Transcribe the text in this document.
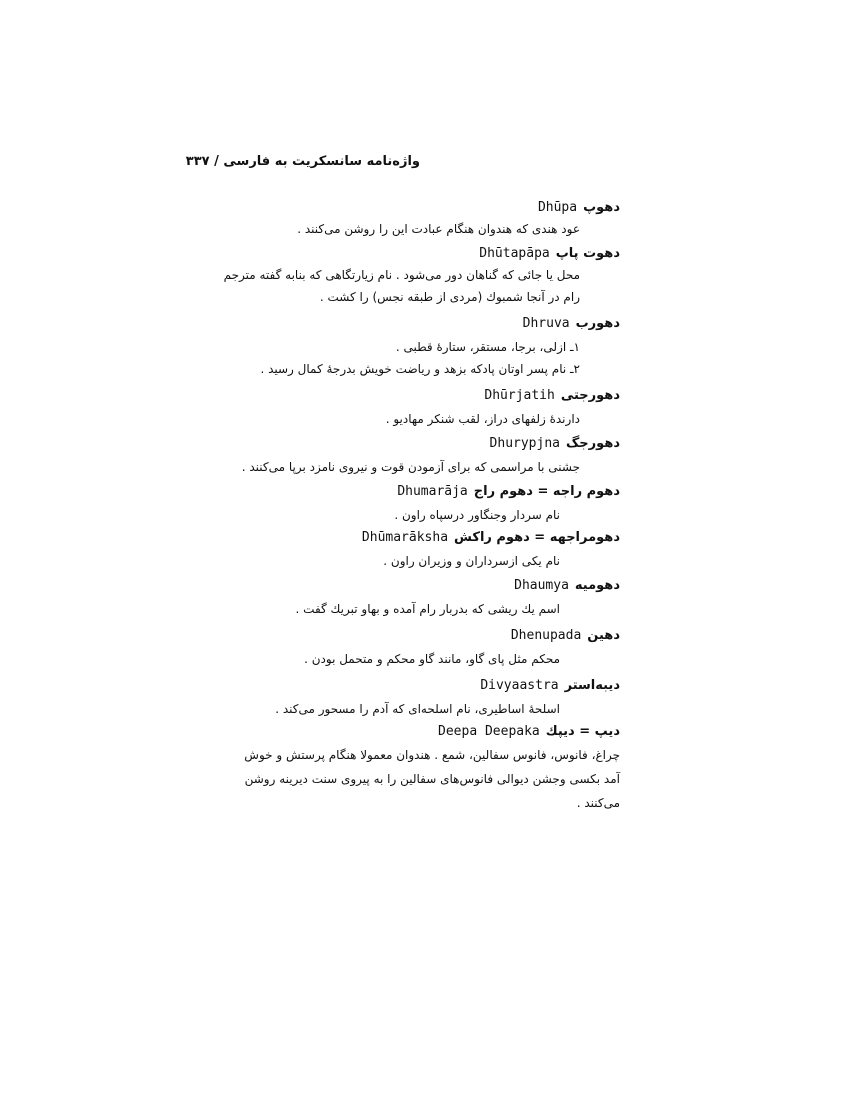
واژه‌نامه سانسکریت به فارسی / ۳۳۷
دهوپDhūpa
عود هندی که هندوان هنگام عبادت این را روشن می‌کنند .
دهوت پاپDhūtapāpa
محل یا جائی که گناهان دور می‌شود . نام زیارتگاهی که بنابه گفته مترجم
رام در آنجا شمبوك (مردی از طبقه نجس) را کشت .
دهوربDhruva
۱ـ ازلی، برجا، مستقر، ستارهٔ قطبی .
۲ـ نام پسر اوتان پادکه بزهد و ریاضت خویش بدرجهٔ کمال رسید .
دهورجتیDhūrjatih
دارندهٔ زلفهای دراز، لقب شنکر مهادیو .
دهورجگDhurypjna
جشنی با مراسمی که برای آزمودن قوت و نیروی نامزد برپا می‌کنند .
دهوم راجه = دهوم راجDhumarāja
نام سردار وجنگاور درسپاه راون .
دهومراجهه = دهوم راکشDhūmarāksha
نام یکی ازسرداران و وزیران راون .
دهومیهDhaumya
اسم یك ریشی که بدربار رام آمده و بهاو تبریك گفت .
دهینDhenupada
محکم مثل پای گاو، مانند گاو محکم و متحمل بودن .
دیبه‌استرDivyaastra
اسلحهٔ اساطیری، نام اسلحه‌ای که آدم را مسحور می‌کند .
دیپ = دیپكDeepa Deepaka
چراغ، فانوس، فانوس سفالین، شمع . هندوان معمولا هنگام پرستش و خوش
آمد بکسی وجشن دیوالی فانوس‌های سفالین را به پیروی سنت دیرینه روشن
می‌کنند .
